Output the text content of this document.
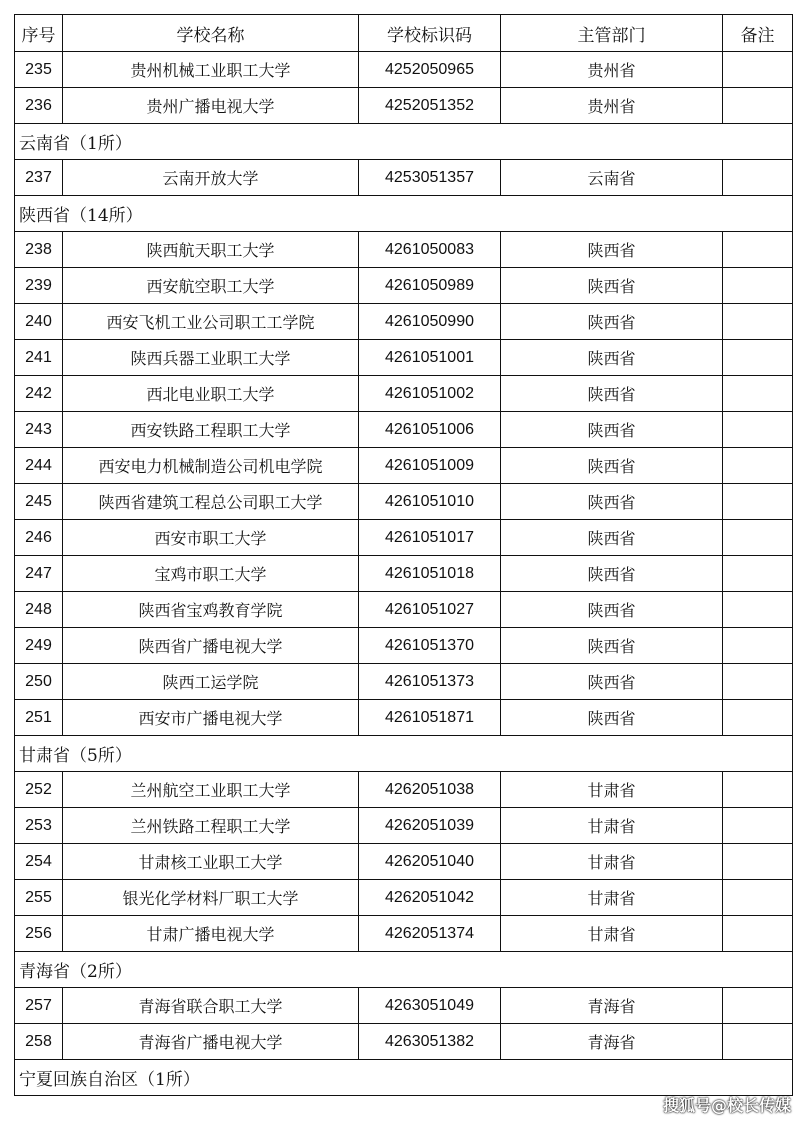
序号	学校名称	学校标识码	主管部门	备注
235	贵州机械工业职工大学	4252050965	贵州省	
236	贵州广播电视大学	4252051352	贵州省	
云南省（1所）				
237	云南开放大学	4253051357	云南省	
陕西省（14所）				
238	陕西航天职工大学	4261050083	陕西省	
239	西安航空职工大学	4261050989	陕西省	
240	西安飞机工业公司职工工学院	4261050990	陕西省	
241	陕西兵器工业职工大学	4261051001	陕西省	
242	西北电业职工大学	4261051002	陕西省	
243	西安铁路工程职工大学	4261051006	陕西省	
244	西安电力机械制造公司机电学院	4261051009	陕西省	
245	陕西省建筑工程总公司职工大学	4261051010	陕西省	
246	西安市职工大学	4261051017	陕西省	
247	宝鸡市职工大学	4261051018	陕西省	
248	陕西省宝鸡教育学院	4261051027	陕西省	
249	陕西省广播电视大学	4261051370	陕西省	
250	陕西工运学院	4261051373	陕西省	
251	西安市广播电视大学	4261051871	陕西省	
甘肃省（5所）				
252	兰州航空工业职工大学	4262051038	甘肃省	
253	兰州铁路工程职工大学	4262051039	甘肃省	
254	甘肃核工业职工大学	4262051040	甘肃省	
255	银光化学材料厂职工大学	4262051042	甘肃省	
256	甘肃广播电视大学	4262051374	甘肃省	
青海省（2所）				
257	青海省联合职工大学	4263051049	青海省	
258	青海省广播电视大学	4263051382	青海省	
宁夏回族自治区（1所）				
搜狐号@校长传媒
